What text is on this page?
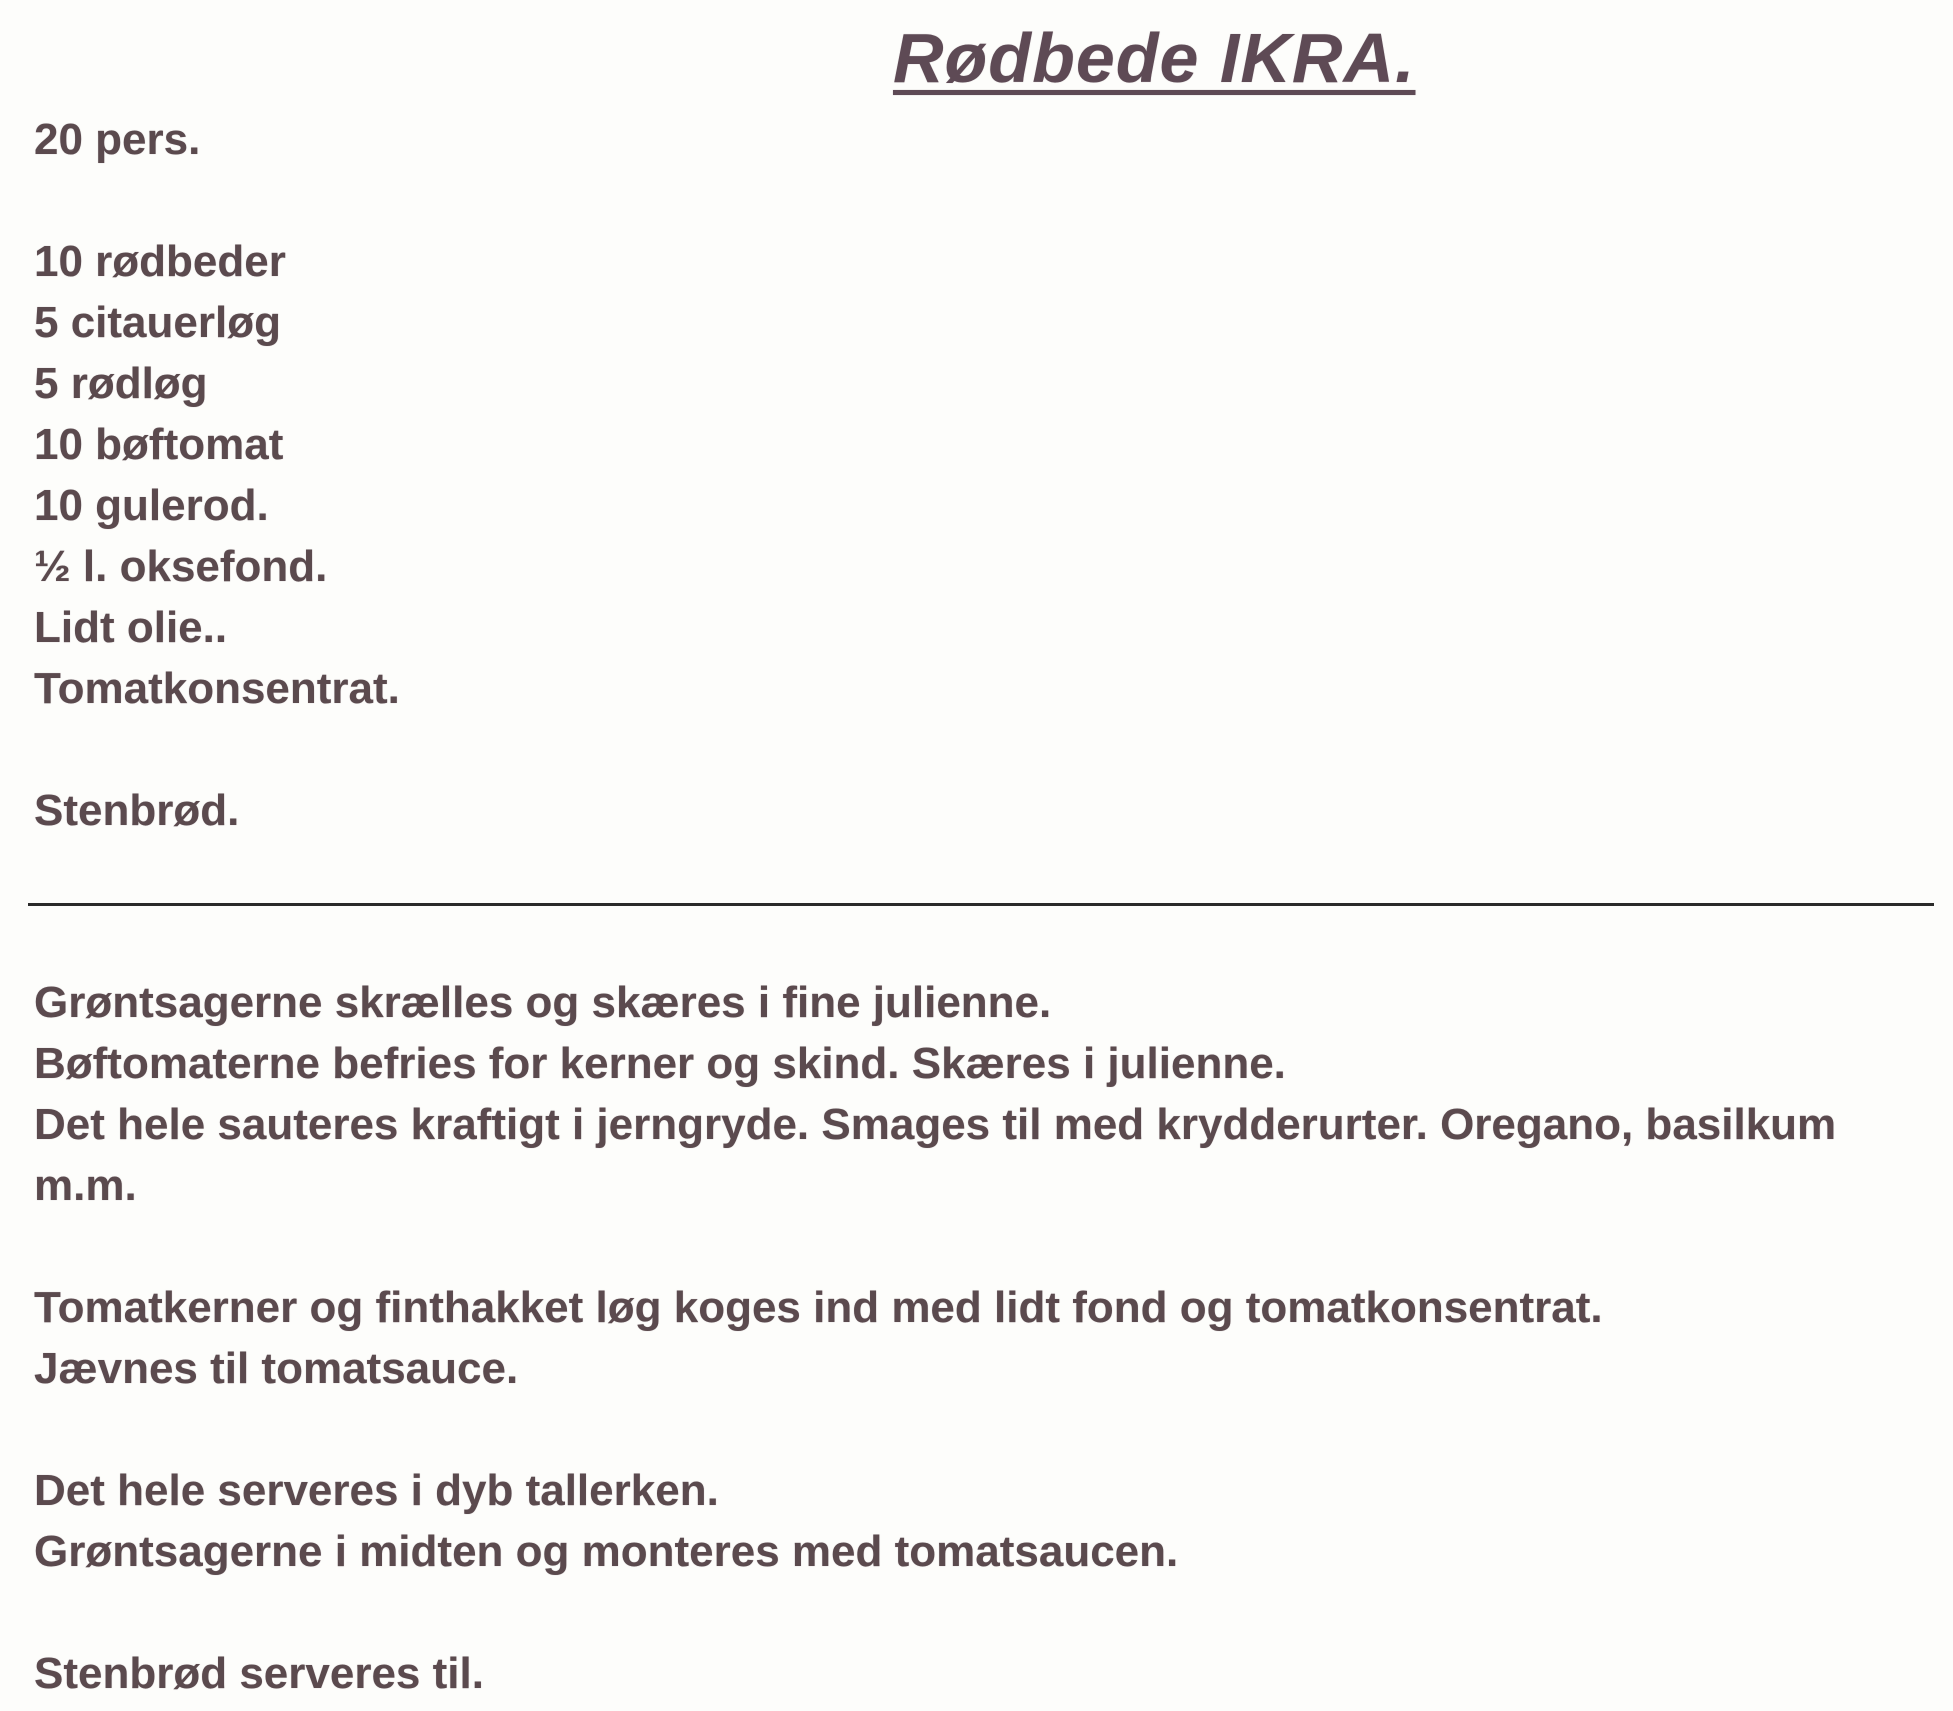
Rødbede IKRA.
20 pers.
10 rødbeder
5 citauerløg
5 rødløg
10 bøftomat
10 gulerod.
½ l. oksefond.
Lidt olie..
Tomatkonsentrat.
Stenbrød.
Grøntsagerne skrælles og skæres i fine julienne.
Bøftomaterne befries for kerner og skind. Skæres i julienne.
Det hele sauteres kraftigt i jerngryde. Smages til med krydderurter. Oregano, basilkum
m.m.
Tomatkerner og finthakket løg koges ind med lidt fond og tomatkonsentrat.
Jævnes til tomatsauce.
Det hele serveres i dyb tallerken.
Grøntsagerne i midten og monteres med tomatsaucen.
Stenbrød serveres til.
